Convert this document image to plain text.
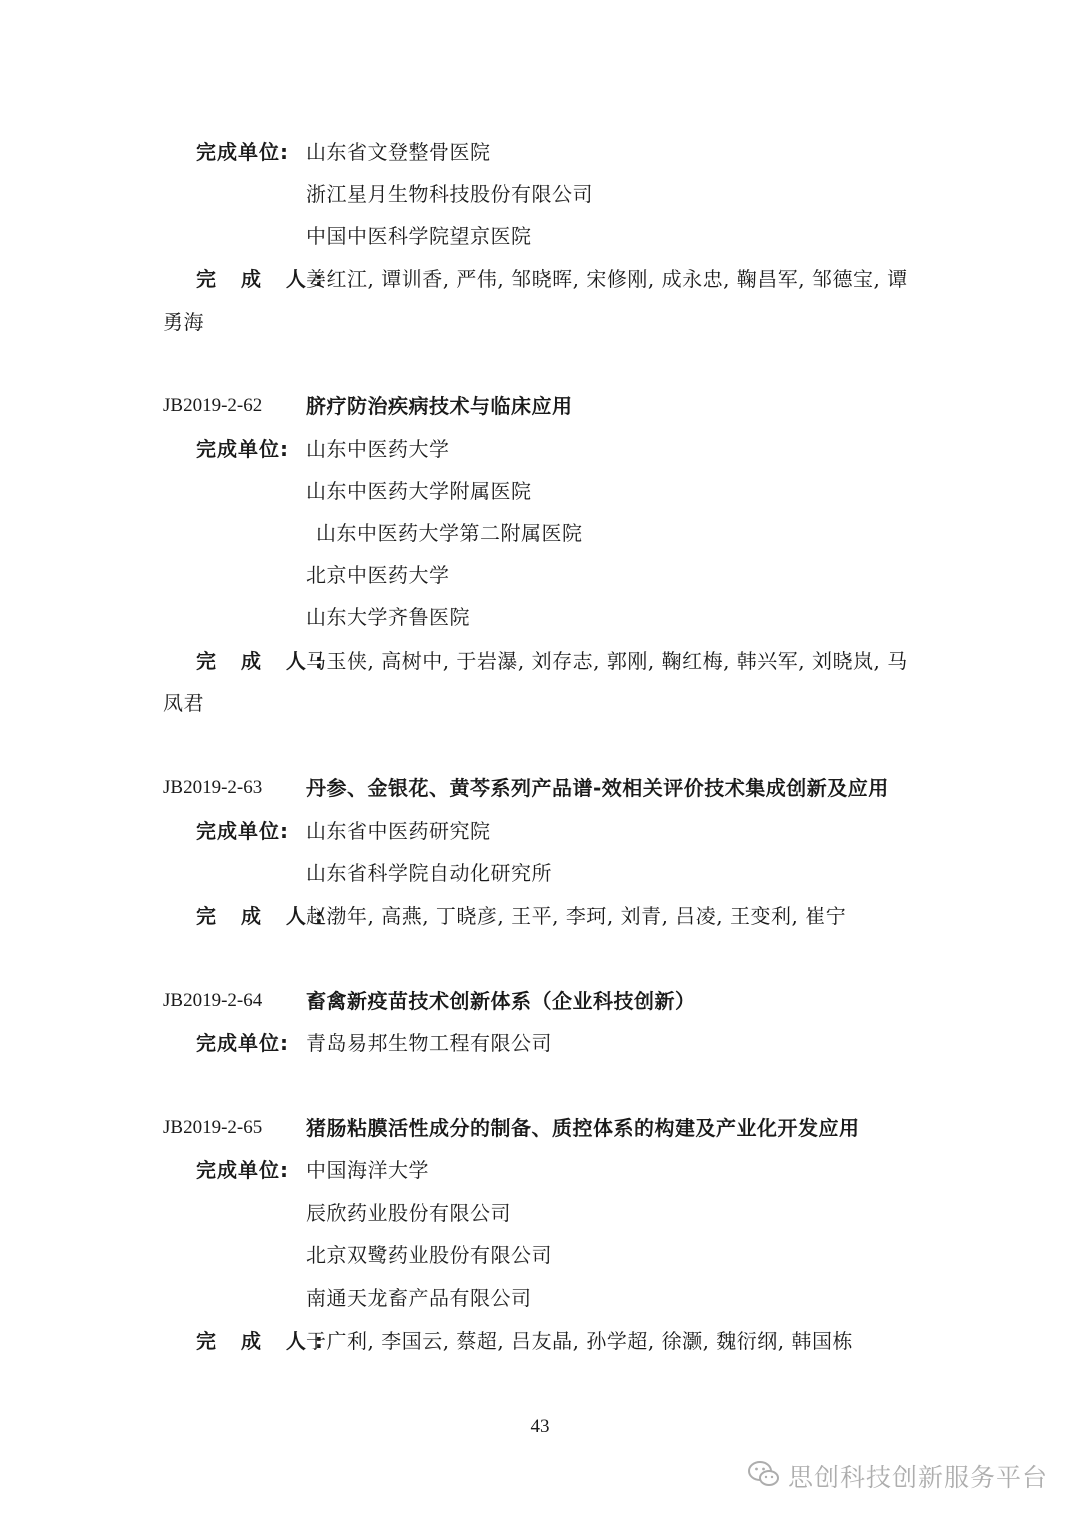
完成单位: 山东省文登整骨医院
浙江星月生物科技股份有限公司
中国中医科学院望京医院
完 成 人:
姜红江, 谭训香, 严伟, 邹晓晖, 宋修刚, 成永忠, 鞠昌军, 邹德宝, 谭
勇海
JB2019-2-62 脐疗防治疾病技术与临床应用
完成单位: 山东中医药大学
山东中医药大学附属医院
山东中医药大学第二附属医院
北京中医药大学
山东大学齐鲁医院
完 成 人:
马玉侠, 高树中, 于岩瀑, 刘存志, 郭刚, 鞠红梅, 韩兴军, 刘晓岚, 马
凤君
JB2019-2-63 丹参、金银花、黄芩系列产品谱-效相关评价技术集成创新及应用
完成单位: 山东省中医药研究院
山东省科学院自动化研究所
完 成 人:
赵渤年, 高燕, 丁晓彦, 王平, 李珂, 刘青, 吕凌, 王变利, 崔宁
JB2019-2-64 畜禽新疫苗技术创新体系（企业科技创新）
完成单位: 青岛易邦生物工程有限公司
JB2019-2-65 猪肠粘膜活性成分的制备、质控体系的构建及产业化开发应用
完成单位: 中国海洋大学
辰欣药业股份有限公司
北京双鹭药业股份有限公司
南通天龙畜产品有限公司
完 成 人:
于广利, 李国云, 蔡超, 吕友晶, 孙学超, 徐灏, 魏衍纲, 韩国栋
43
思创科技创新服务平台
